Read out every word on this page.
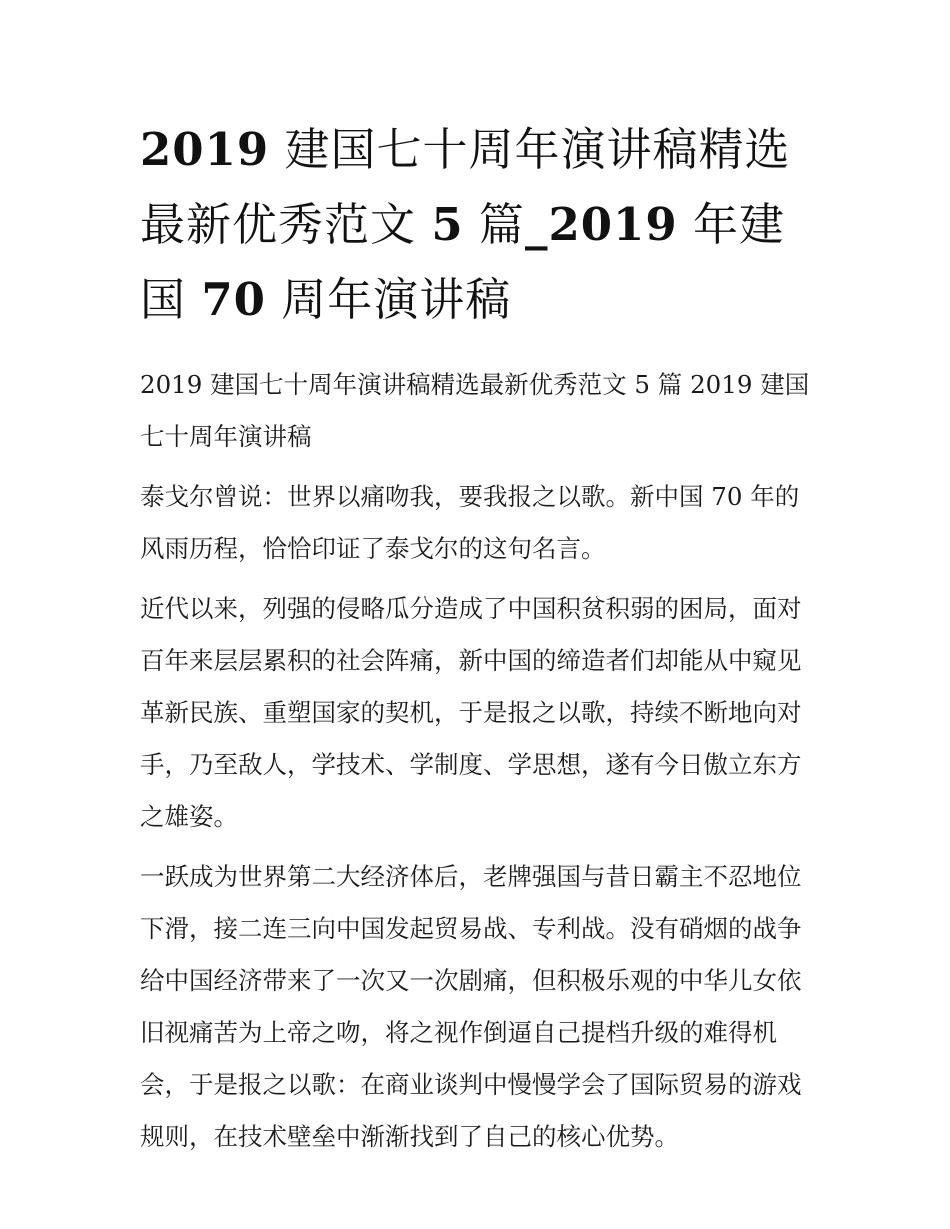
2019 建国七十周年演讲稿精选最新优秀范文 5 篇_2019 年建国 70 周年演讲稿

2019 建国七十周年演讲稿精选最新优秀范文 5 篇 2019 建国七十周年演讲稿

泰戈尔曾说：世界以痛吻我，要我报之以歌。新中国 70 年的风雨历程，恰恰印证了泰戈尔的这句名言。

近代以来，列强的侵略瓜分造成了中国积贫积弱的困局，面对百年来层层累积的社会阵痛，新中国的缔造者们却能从中窥见革新民族、重塑国家的契机，于是报之以歌，持续不断地向对手，乃至敌人，学技术、学制度、学思想，遂有今日傲立东方之雄姿。

一跃成为世界第二大经济体后，老牌强国与昔日霸主不忍地位下滑，接二连三向中国发起贸易战、专利战。没有硝烟的战争给中国经济带来了一次又一次剧痛，但积极乐观的中华儿女依旧视痛苦为上帝之吻，将之视作倒逼自己提档升级的难得机会，于是报之以歌：在商业谈判中慢慢学会了国际贸易的游戏规则，在技术壁垒中渐渐找到了自己的核心优势。
